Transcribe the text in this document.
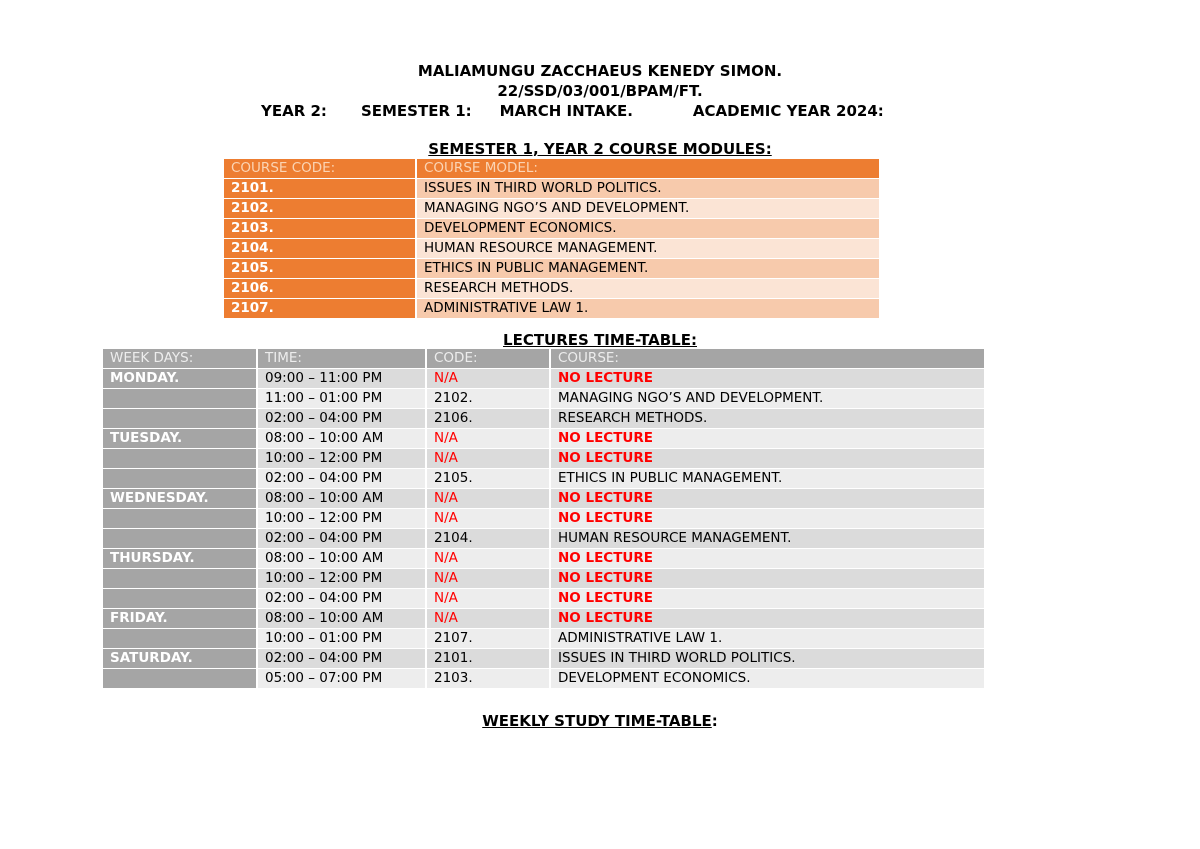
MALIAMUNGU ZACCHAEUS KENEDY SIMON.
22/SSD/03/001/BPAM/FT.
YEAR 2: SEMESTER 1: MARCH INTAKE.	ACADEMIC YEAR 2024:
SEMESTER 1, YEAR 2 COURSE MODULES:
COURSE CODE:	COURSE MODEL:
2101.	ISSUES IN THIRD WORLD POLITICS.
2102.	MANAGING NGO’S AND DEVELOPMENT.
2103.	DEVELOPMENT ECONOMICS.
2104.	HUMAN RESOURCE MANAGEMENT.
2105.	ETHICS IN PUBLIC MANAGEMENT.
2106.	RESEARCH METHODS.
2107.	ADMINISTRATIVE LAW 1.
LECTURES TIME-TABLE:
WEEK DAYS:	TIME:	CODE:	COURSE:
MONDAY.	09:00 – 11:00 PM	N/A	NO LECTURE
	11:00 – 01:00 PM	2102.	MANAGING NGO’S AND DEVELOPMENT.
	02:00 – 04:00 PM	2106.	RESEARCH METHODS.
TUESDAY.	08:00 – 10:00 AM	N/A	NO LECTURE
	10:00 – 12:00 PM	N/A	NO LECTURE
	02:00 – 04:00 PM	2105.	ETHICS IN PUBLIC MANAGEMENT.
WEDNESDAY.	08:00 – 10:00 AM	N/A	NO LECTURE
	10:00 – 12:00 PM	N/A	NO LECTURE
	02:00 – 04:00 PM	2104.	HUMAN RESOURCE MANAGEMENT.
THURSDAY.	08:00 – 10:00 AM	N/A	NO LECTURE
	10:00 – 12:00 PM	N/A	NO LECTURE
	02:00 – 04:00 PM	N/A	NO LECTURE
FRIDAY.	08:00 – 10:00 AM	N/A	NO LECTURE
	10:00 – 01:00 PM	2107.	ADMINISTRATIVE LAW 1.
SATURDAY.	02:00 – 04:00 PM	2101.	ISSUES IN THIRD WORLD POLITICS.
	05:00 – 07:00 PM	2103.	DEVELOPMENT ECONOMICS.
WEEKLY STUDY TIME-TABLE:
